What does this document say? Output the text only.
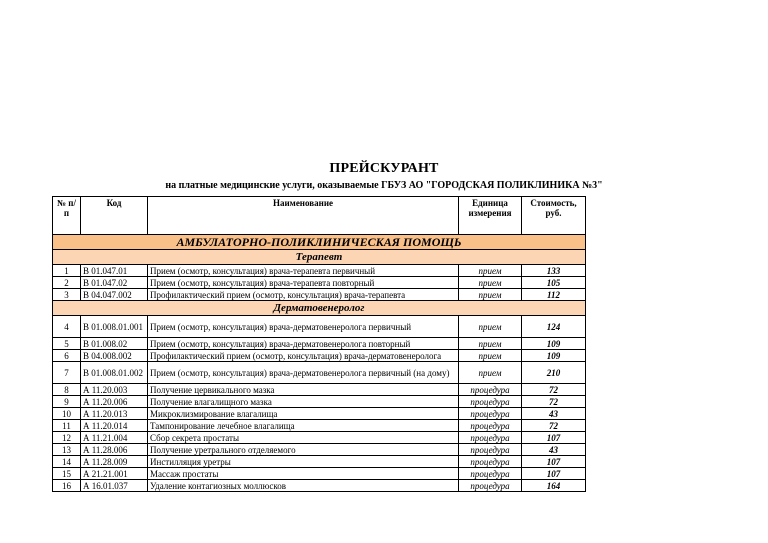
ПРЕЙСКУРАНТ
на платные медицинские услуги, оказываемые ГБУЗ АО "ГОРОДСКАЯ ПОЛИКЛИНИКА №3"
№ п/п	Код	Наименование	Единица измерения	Стоимость, руб.
АМБУЛАТОРНО-ПОЛИКЛИНИЧЕСКАЯ ПОМОЩЬ				
Терапевт				
1	В 01.047.01	Прием (осмотр, консультация) врача-терапевта первичный	прием	133
2	В 01.047.02	Прием (осмотр, консультация) врача-терапевта повторный	прием	105
3	В 04.047.002	Профилактический прием (осмотр, консультация) врача-терапевта	прием	112
Дерматовенеролог				
4	В 01.008.01.001	Прием (осмотр, консультация) врача-дерматовенеролога первичный	прием	124
5	В 01.008.02	Прием (осмотр, консультация) врача-дерматовенеролога повторный	прием	109
6	В 04.008.002	Профилактический прием (осмотр, консультация) врача-дерматовенеролога	прием	109
7	В 01.008.01.002	Прием (осмотр, консультация) врача-дерматовенеролога первичный (на дому)	прием	210
8	А 11.20.003	Получение цервикального мазка	процедура	72
9	А 11.20.006	Получение влагалищного мазка	процедура	72
10	А 11.20.013	Микроклизмирование влагалища	процедура	43
11	А 11.20.014	Тампонирование лечебное влагалища	процедура	72
12	А 11.21.004	Сбор секрета простаты	процедура	107
13	А 11.28.006	Получение уретрального отделяемого	процедура	43
14	А 11.28.009	Инстилляция уретры	процедура	107
15	А 21.21.001	Массаж простаты	процедура	107
16	А 16.01.037	Удаление контагиозных моллюсков	процедура	164
